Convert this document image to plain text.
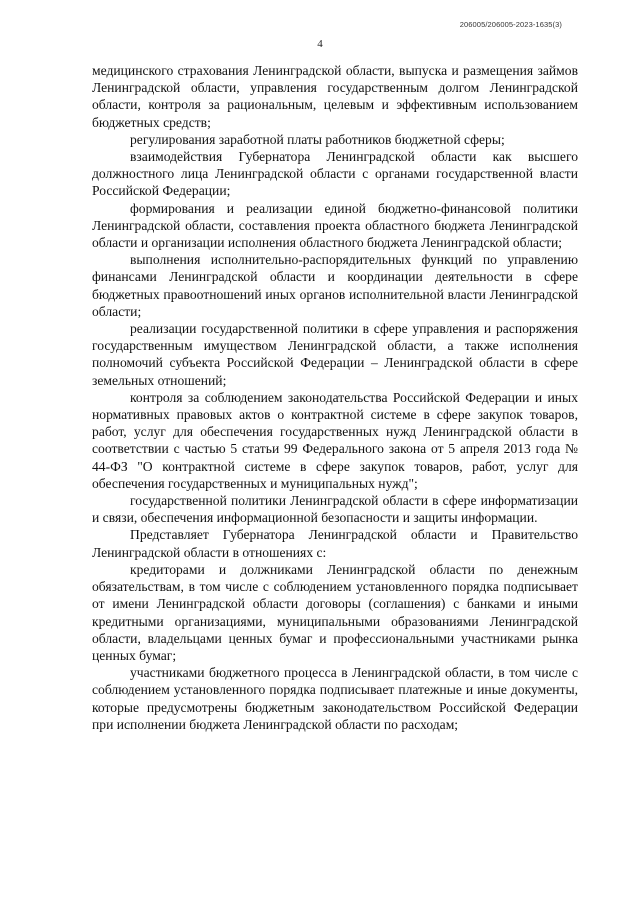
206005/206005-2023-1635(3)
4

медицинского страхования Ленинградской области, выпуска и размещения займов Ленинградской области, управления государственным долгом Ленинградской области, контроля за рациональным, целевым и эффективным использованием бюджетных средств;

регулирования заработной платы работников бюджетной сферы;

взаимодействия Губернатора Ленинградской области как высшего должностного лица Ленинградской области с органами государственной власти Российской Федерации;

формирования и реализации единой бюджетно-финансовой политики Ленинградской области, составления проекта областного бюджета Ленинградской области и организации исполнения областного бюджета Ленинградской области;

выполнения исполнительно-распорядительных функций по управлению финансами Ленинградской области и координации деятельности в сфере бюджетных правоотношений иных органов исполнительной власти Ленинградской области;

реализации государственной политики в сфере управления и распоряжения государственным имуществом Ленинградской области, а также исполнения полномочий субъекта Российской Федерации – Ленинградской области в сфере земельных отношений;

контроля за соблюдением законодательства Российской Федерации и иных нормативных правовых актов о контрактной системе в сфере закупок товаров, работ, услуг для обеспечения государственных нужд Ленинградской области в соответствии с частью 5 статьи 99 Федерального закона от 5 апреля 2013 года № 44-ФЗ "О контрактной системе в сфере закупок товаров, работ, услуг для обеспечения государственных и муниципальных нужд";

государственной политики Ленинградской области в сфере информатизации и связи, обеспечения информационной безопасности и защиты информации.

Представляет Губернатора Ленинградской области и Правительство Ленинградской области в отношениях с:

кредиторами и должниками Ленинградской области по денежным обязательствам, в том числе с соблюдением установленного порядка подписывает от имени Ленинградской области договоры (соглашения) с банками и иными кредитными организациями, муниципальными образованиями Ленинградской области, владельцами ценных бумаг и профессиональными участниками рынка ценных бумаг;

участниками бюджетного процесса в Ленинградской области, в том числе с соблюдением установленного порядка подписывает платежные и иные документы, которые предусмотрены бюджетным законодательством Российской Федерации при исполнении бюджета Ленинградской области по расходам;
